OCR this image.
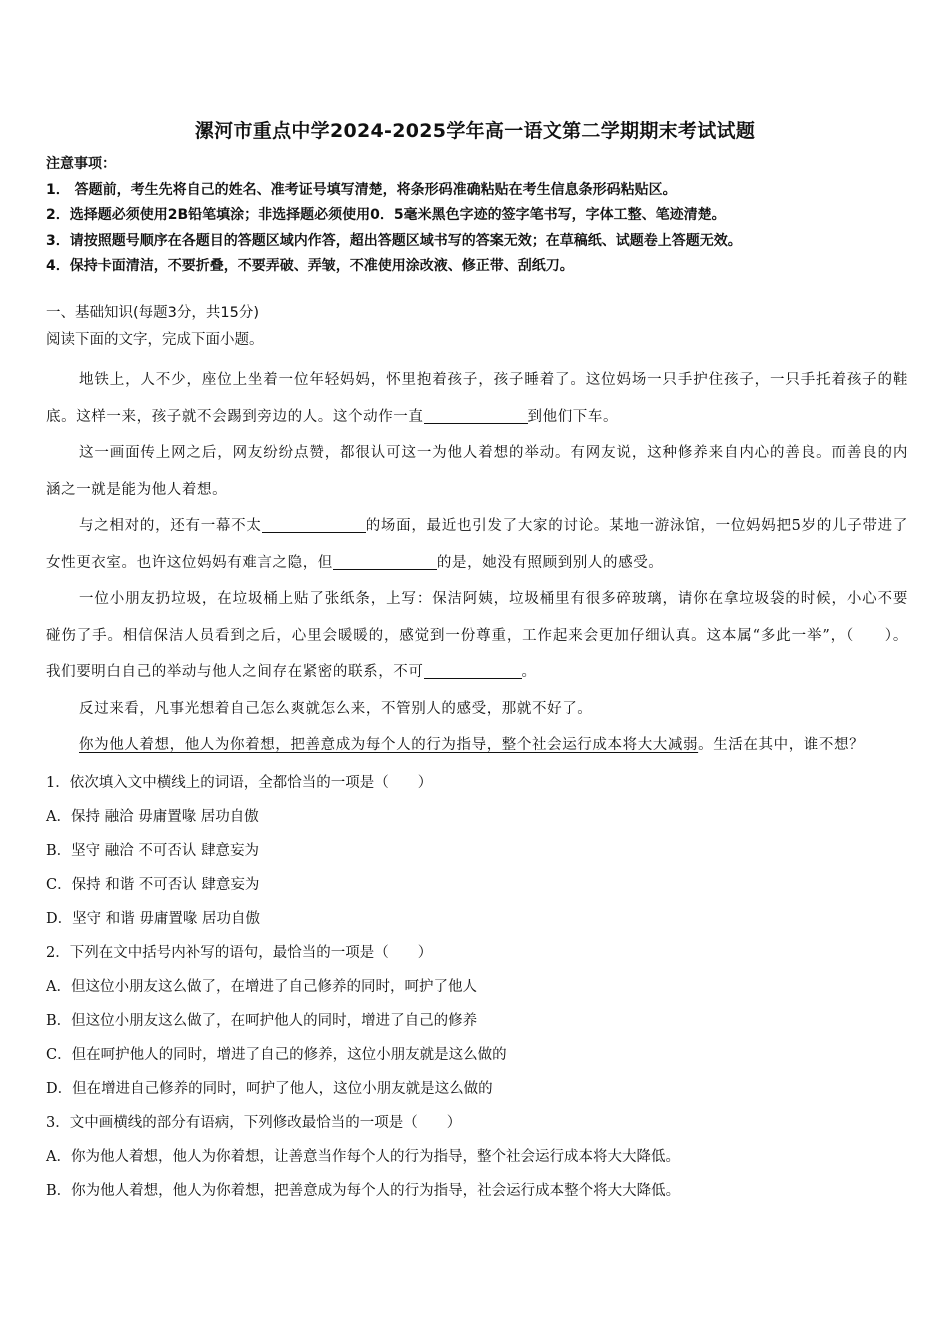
漯河市重点中学2024-2025学年高一语文第二学期期末考试试题
注意事项：
1． 答题前，考生先将自己的姓名、准考证号填写清楚，将条形码准确粘贴在考生信息条形码粘贴区。
2．选择题必须使用2B铅笔填涂；非选择题必须使用0．5毫米黑色字迹的签字笔书写，字体工整、笔迹清楚。
3．请按照题号顺序在各题目的答题区域内作答，超出答题区域书写的答案无效；在草稿纸、试题卷上答题无效。
4．保持卡面清洁，不要折叠，不要弄破、弄皱，不准使用涂改液、修正带、刮纸刀。
一、基础知识(每题3分，共15分)
阅读下面的文字，完成下面小题。
地铁上，人不少，座位上坐着一位年轻妈妈，怀里抱着孩子，孩子睡着了。这位妈场一只手护住孩子，一只手托着孩子的鞋底。这样一来，孩子就不会踢到旁边的人。这个动作一直	到他们下车。
这一画面传上网之后，网友纷纷点赞，都很认可这一为他人着想的举动。有网友说，这种修养来自内心的善良。而善良的内涵之一就是能为他人着想。
与之相对的，还有一幕不太	的场面，最近也引发了大家的讨论。某地一游泳馆，一位妈妈把5岁的儿子带进了女性更衣室。也许这位妈妈有难言之隐，但	的是，她没有照顾到别人的感受。
一位小朋友扔垃圾，在垃圾桶上贴了张纸条，上写：保洁阿姨，垃圾桶里有很多碎玻璃，请你在拿垃圾袋的时候，小心不要碰伤了手。相信保洁人员看到之后，心里会暖暖的，感觉到一份尊重，工作起来会更加仔细认真。这本属“多此一举”，（　　）。我们要明白自己的举动与他人之间存在紧密的联系，不可	。
反过来看，凡事光想着自己怎么爽就怎么来，不管别人的感受，那就不好了。
你为他人着想，他人为你着想，把善意成为每个人的行为指导，整个社会运行成本将大大减弱。生活在其中，谁不想？
1．依次填入文中横线上的词语，全都恰当的一项是（　　）
A．保持 融洽 毋庸置喙 居功自傲
B．坚守 融洽 不可否认 肆意妄为
C．保持 和谐 不可否认 肆意妄为
D．坚守 和谐 毋庸置喙 居功自傲
2．下列在文中括号内补写的语句，最恰当的一项是（　　）
A．但这位小朋友这么做了，在增进了自己修养的同时，呵护了他人
B．但这位小朋友这么做了，在呵护他人的同时，增进了自己的修养
C．但在呵护他人的同时，增进了自己的修养，这位小朋友就是这么做的
D．但在增进自己修养的同时，呵护了他人，这位小朋友就是这么做的
3．文中画横线的部分有语病，下列修改最恰当的一项是（　　）
A．你为他人着想，他人为你着想，让善意当作每个人的行为指导，整个社会运行成本将大大降低。
B．你为他人着想，他人为你着想，把善意成为每个人的行为指导，社会运行成本整个将大大降低。
